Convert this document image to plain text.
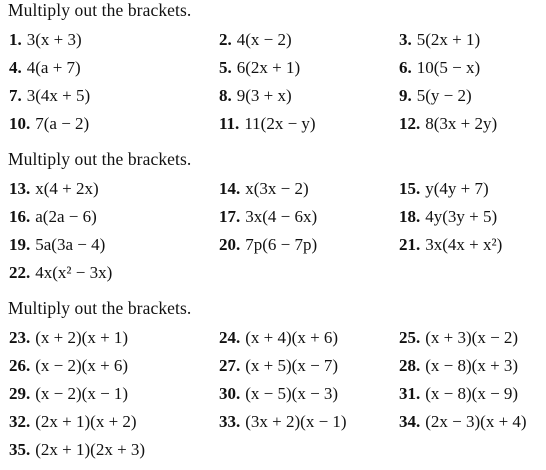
Multiply out the brackets.
1. 3(x + 3)	2. 4(x − 2)	3. 5(2x + 1)
4. 4(a + 7)	5. 6(2x + 1)	6. 10(5 − x)
7. 3(4x + 5)	8. 9(3 + x)	9. 5(y − 2)
10. 7(a − 2)	11. 11(2x − y)	12. 8(3x + 2y)
Multiply out the brackets.
13. x(4 + 2x)	14. x(3x − 2)	15. y(4y + 7)
16. a(2a − 6)	17. 3x(4 − 6x)	18. 4y(3y + 5)
19. 5a(3a − 4)	20. 7p(6 − 7p)	21. 3x(4x + x²)
22. 4x(x² − 3x)
Multiply out the brackets.
23. (x + 2)(x + 1)	24. (x + 4)(x + 6)	25. (x + 3)(x − 2)
26. (x − 2)(x + 6)	27. (x + 5)(x − 7)	28. (x − 8)(x + 3)
29. (x − 2)(x − 1)	30. (x − 5)(x − 3)	31. (x − 8)(x − 9)
32. (2x + 1)(x + 2)	33. (3x + 2)(x − 1)	34. (2x − 3)(x + 4)
35. (2x + 1)(2x + 3)
